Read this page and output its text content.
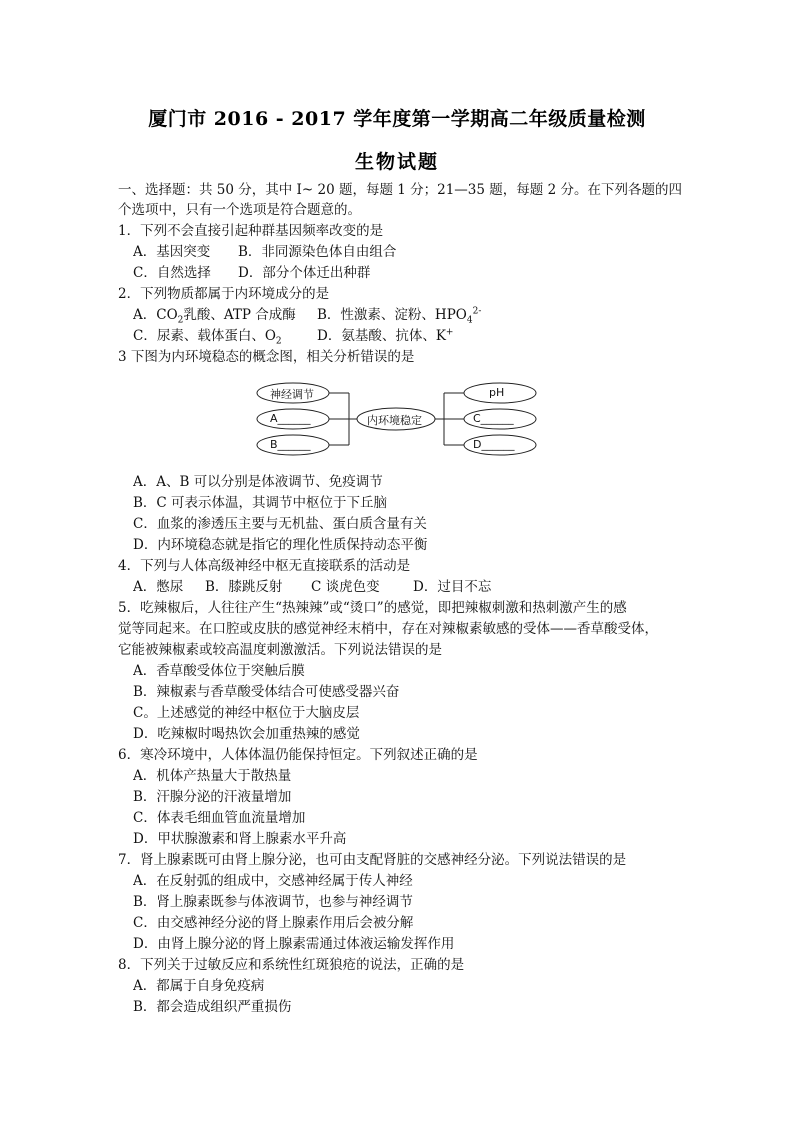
厦门市 2016 - 2017 学年度第一学期高二年级质量检测
生物试题
一、选择题：共 50 分，其中 I~ 20 题，每题 1 分；21—35 题，每题 2 分。在下列各题的四
个选项中，只有一个选项是符合题意的。
1．下列不会直接引起种群基因频率改变的是
A．基因突变	B．非同源染色体自由组合
C．自然选择	D．部分个体迁出种群
2．下列物质都属于内环境成分的是
A．$CO_2$乳酸、ATP 合成酶	B．性激素、淀粉、$HPO_4^{2-}$
C．尿素、载体蛋白、$O_2$	D．氨基酸、抗体、K+
3 下图为内环境稳态的概念图，相关分析错误的是
神经调节
A______
B______
内环境稳定
pH
C______
D______
A．A、B 可以分别是体液调节、免疫调节
B．C 可表示体温，其调节中枢位于下丘脑
C．血浆的渗透压主要与无机盐、蛋白质含量有关
D．内环境稳态就是指它的理化性质保持动态平衡
4．下列与人体高级神经中枢无直接联系的活动是
A．憋尿	B．膝跳反射	C 谈虎色变	D．过目不忘
5．吃辣椒后，人往往产生“热辣辣”或“烫口”的感觉，即把辣椒刺激和热刺激产生的感
觉等同起来。在口腔或皮肤的感觉神经末梢中，存在对辣椒素敏感的受体——香草酸受体，
它能被辣椒素或较高温度刺激激活。下列说法错误的是
A．香草酸受体位于突触后膜
B．辣椒素与香草酸受体结合可使感受器兴奋
C。上述感觉的神经中枢位于大脑皮层
D．吃辣椒时喝热饮会加重热辣的感觉
6．寒冷环境中，人体体温仍能保持恒定。下列叙述正确的是
A．机体产热量大于散热量
B．汗腺分泌的汗液量增加
C．体表毛细血管血流量增加
D．甲状腺激素和肾上腺素水平升高
7．肾上腺素既可由肾上腺分泌，也可由支配肾脏的交感神经分泌。下列说法错误的是
A．在反射弧的组成中，交感神经属于传人神经
B．肾上腺素既参与体液调节，也参与神经调节
C．由交感神经分泌的肾上腺素作用后会被分解
D．由肾上腺分泌的肾上腺素需通过体液运输发挥作用
8．下列关于过敏反应和系统性红斑狼疮的说法，正确的是
A．都属于自身免疫病
B．都会造成组织严重损伤
